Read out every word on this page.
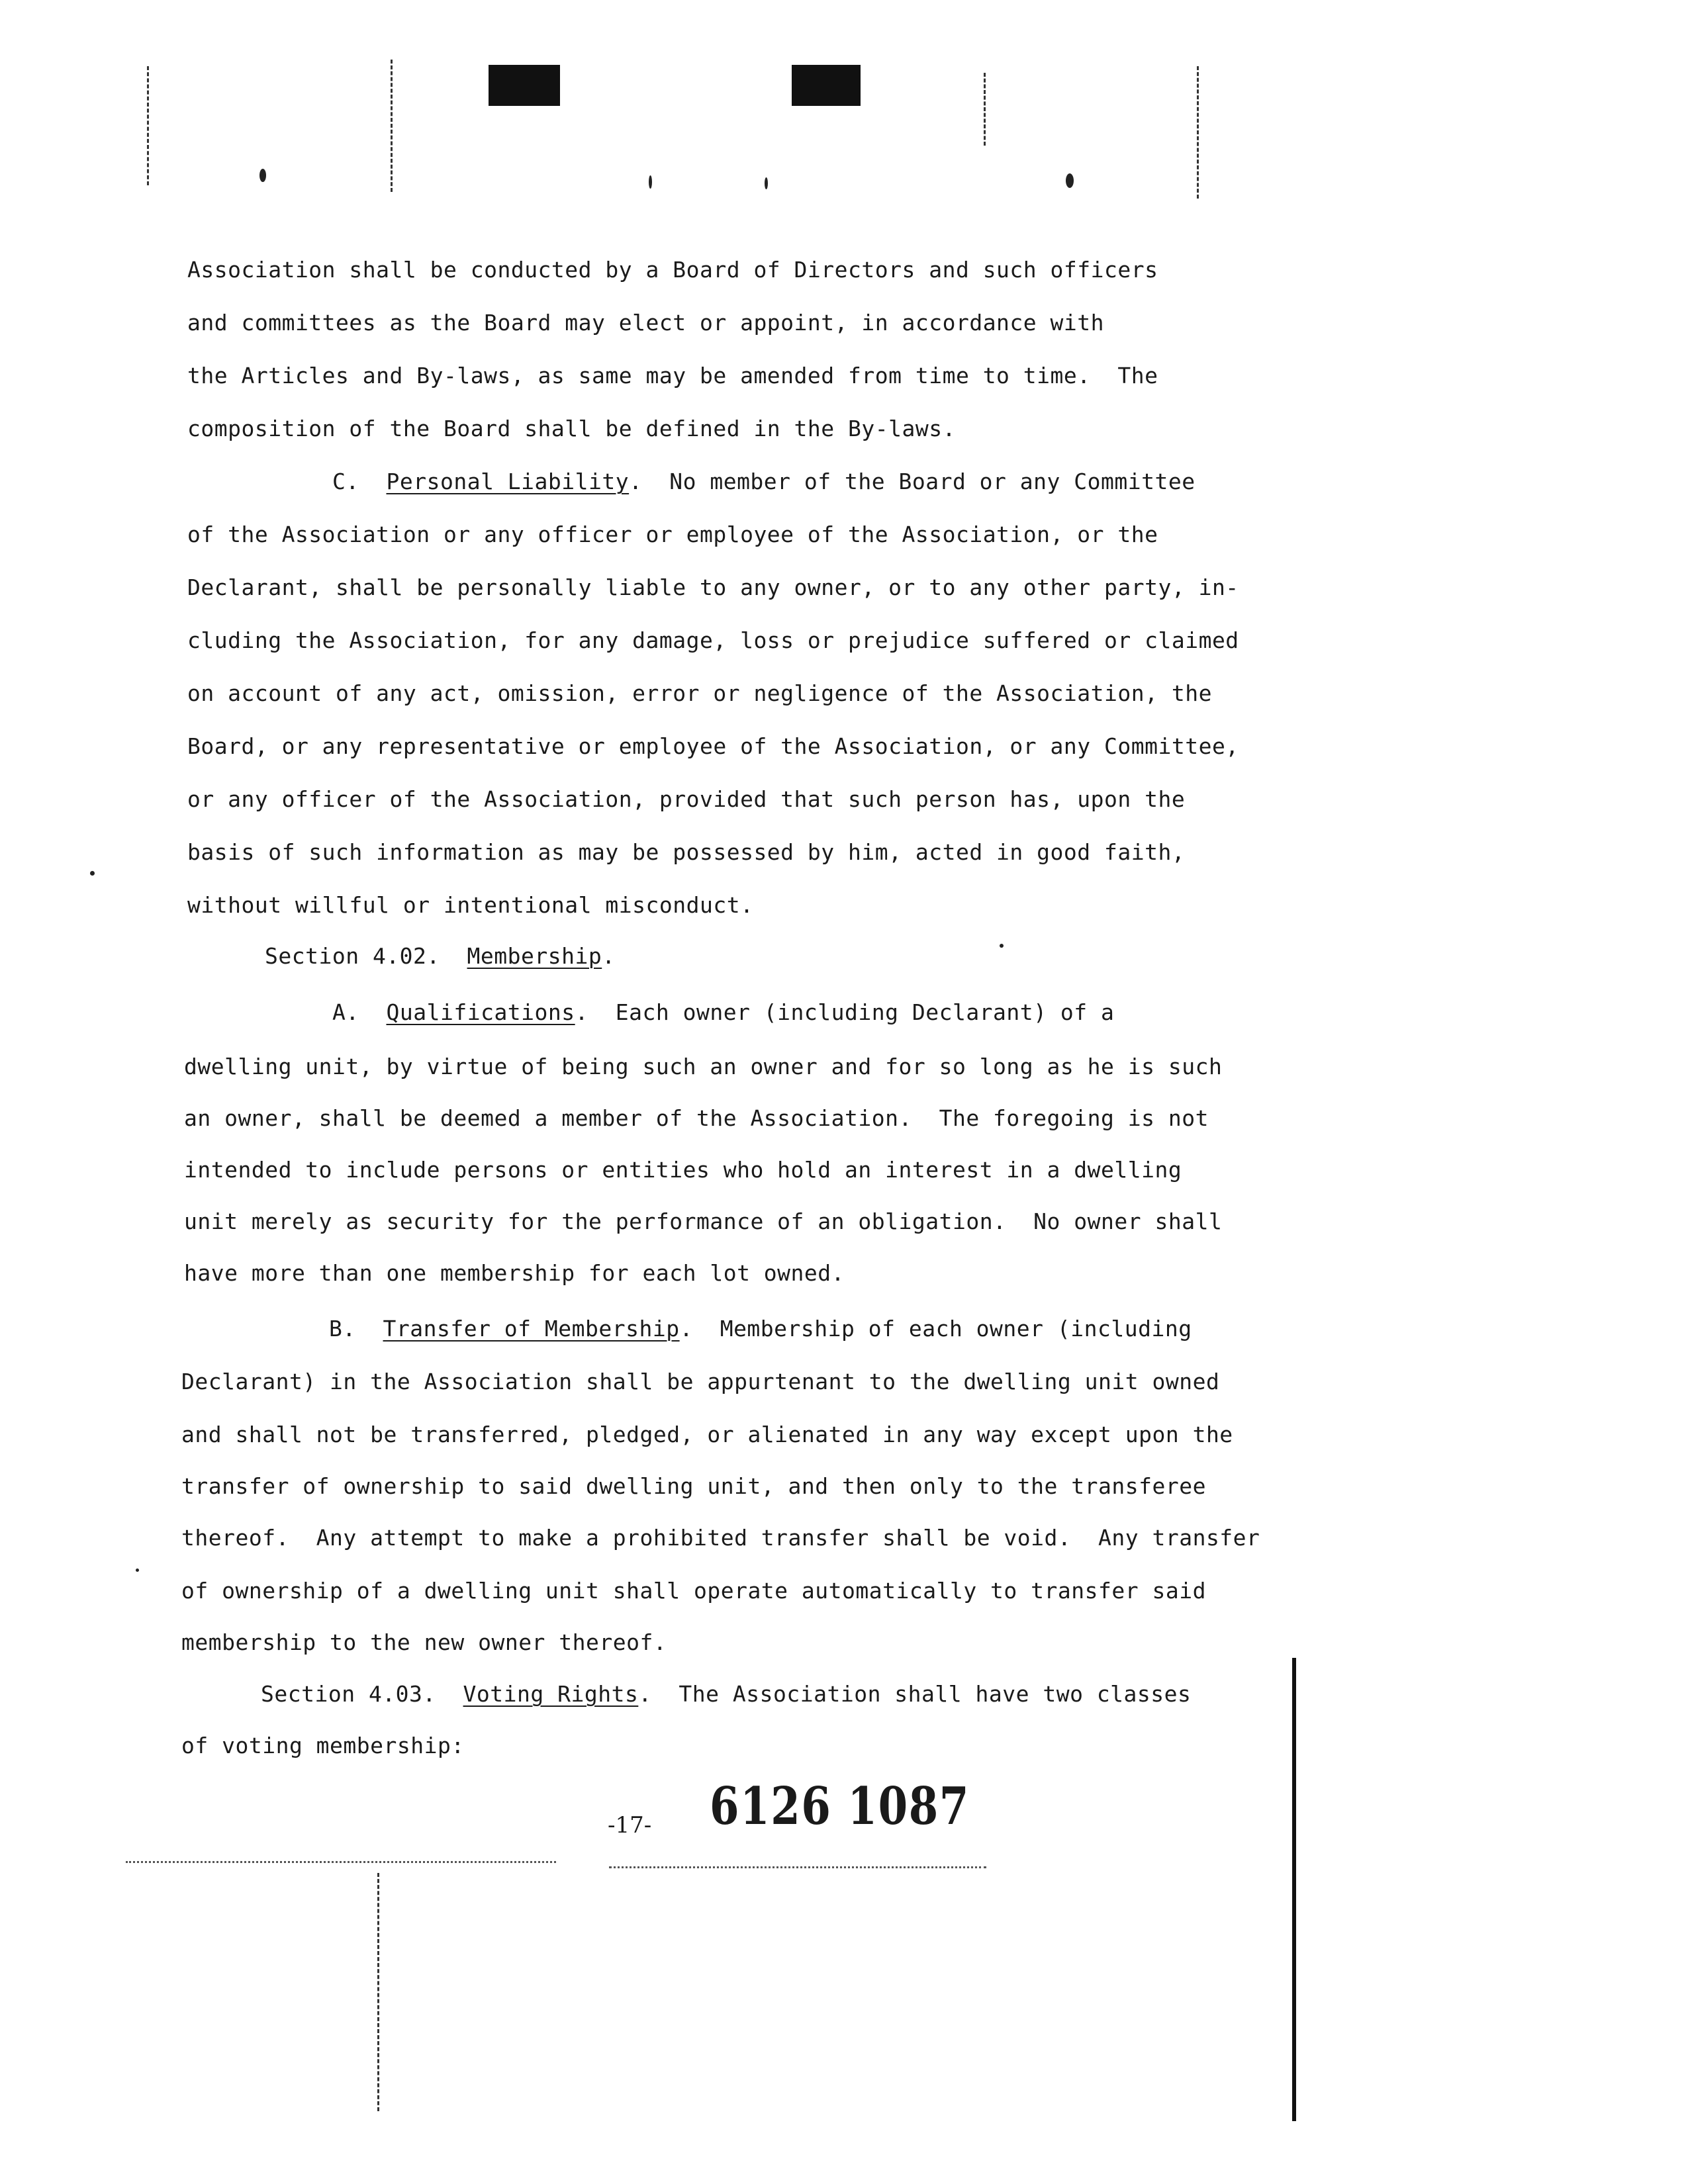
Association shall be conducted by a Board of Directors and such officers
and committees as the Board may elect or appoint, in accordance with
the Articles and By-laws, as same may be amended from time to time.  The
composition of the Board shall be defined in the By-laws.
C. Personal Liability.  No member of the Board or any Committee
of the Association or any officer or employee of the Association, or the
Declarant, shall be personally liable to any owner, or to any other party, in-
cluding the Association, for any damage, loss or prejudice suffered or claimed
on account of any act, omission, error or negligence of the Association, the
Board, or any representative or employee of the Association, or any Committee,
or any officer of the Association, provided that such person has, upon the
basis of such information as may be possessed by him, acted in good faith,
without willful or intentional misconduct.
Section 4.02. Membership.
A. Qualifications.  Each owner (including Declarant) of a
dwelling unit, by virtue of being such an owner and for so long as he is such
an owner, shall be deemed a member of the Association.  The foregoing is not
intended to include persons or entities who hold an interest in a dwelling
unit merely as security for the performance of an obligation.  No owner shall
have more than one membership for each lot owned.
B. Transfer of Membership.  Membership of each owner (including
Declarant) in the Association shall be appurtenant to the dwelling unit owned
and shall not be transferred, pledged, or alienated in any way except upon the
transfer of ownership to said dwelling unit, and then only to the transferee
thereof.  Any attempt to make a prohibited transfer shall be void.  Any transfer
of ownership of a dwelling unit shall operate automatically to transfer said
membership to the new owner thereof.
Section 4.03. Voting Rights.  The Association shall have two classes
of voting membership:
-17- 6126 1087
